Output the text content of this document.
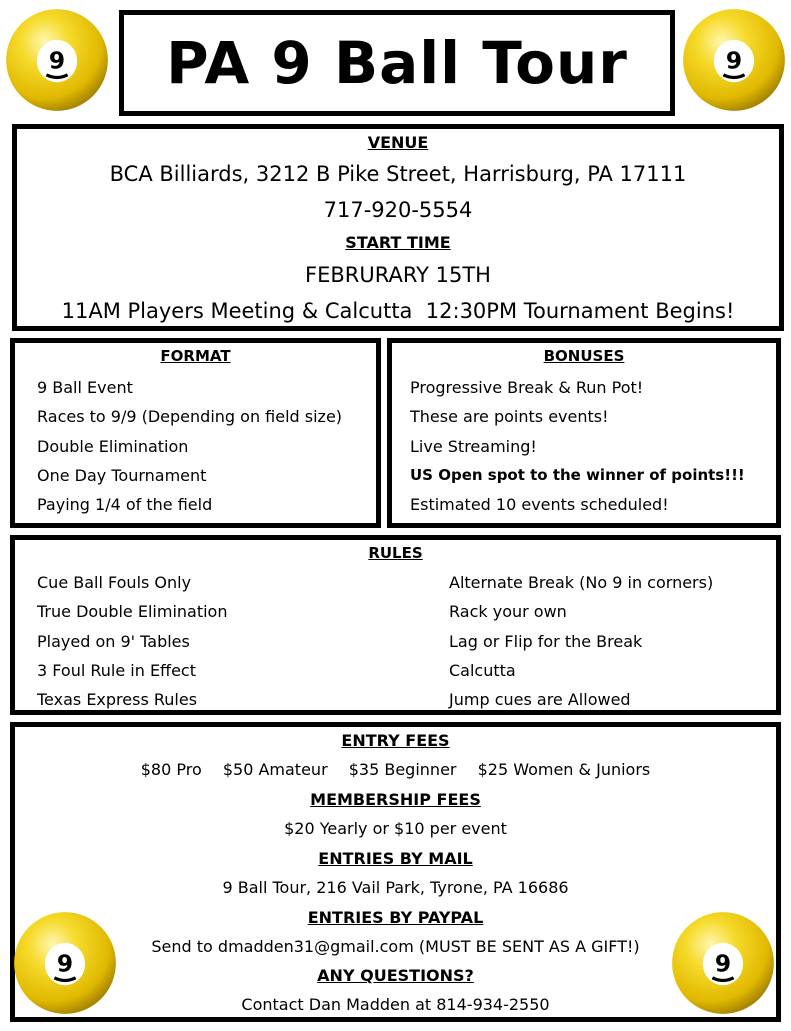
9	9
PA 9 Ball Tour
VENUE
BCA Billiards, 3212 B Pike Street, Harrisburg, PA 17111
717-920-5554
START TIME
FEBRURARY 15TH
11AM Players Meeting & Calcutta  12:30PM Tournament Begins!
FORMAT
9 Ball Event
Races to 9/9 (Depending on field size)
Double Elimination
One Day Tournament
Paying 1/4 of the field
BONUSES
Progressive Break & Run Pot!
These are points events!
Live Streaming!
US Open spot to the winner of points!!!
Estimated 10 events scheduled!
RULES
Cue Ball Fouls Only
True Double Elimination
Played on 9' Tables
3 Foul Rule in Effect
Texas Express Rules
Alternate Break (No 9 in corners)
Rack your own
Lag or Flip for the Break
Calcutta
Jump cues are Allowed
ENTRY FEES
$80 Pro $50 Amateur $35 Beginner $25 Women & Juniors
MEMBERSHIP FEES
$20 Yearly or $10 per event
ENTRIES BY MAIL
9 Ball Tour, 216 Vail Park, Tyrone, PA 16686
ENTRIES BY PAYPAL
Send to dmadden31@gmail.com (MUST BE SENT AS A GIFT!)
ANY QUESTIONS?
Contact Dan Madden at 814-934-2550
9	9
